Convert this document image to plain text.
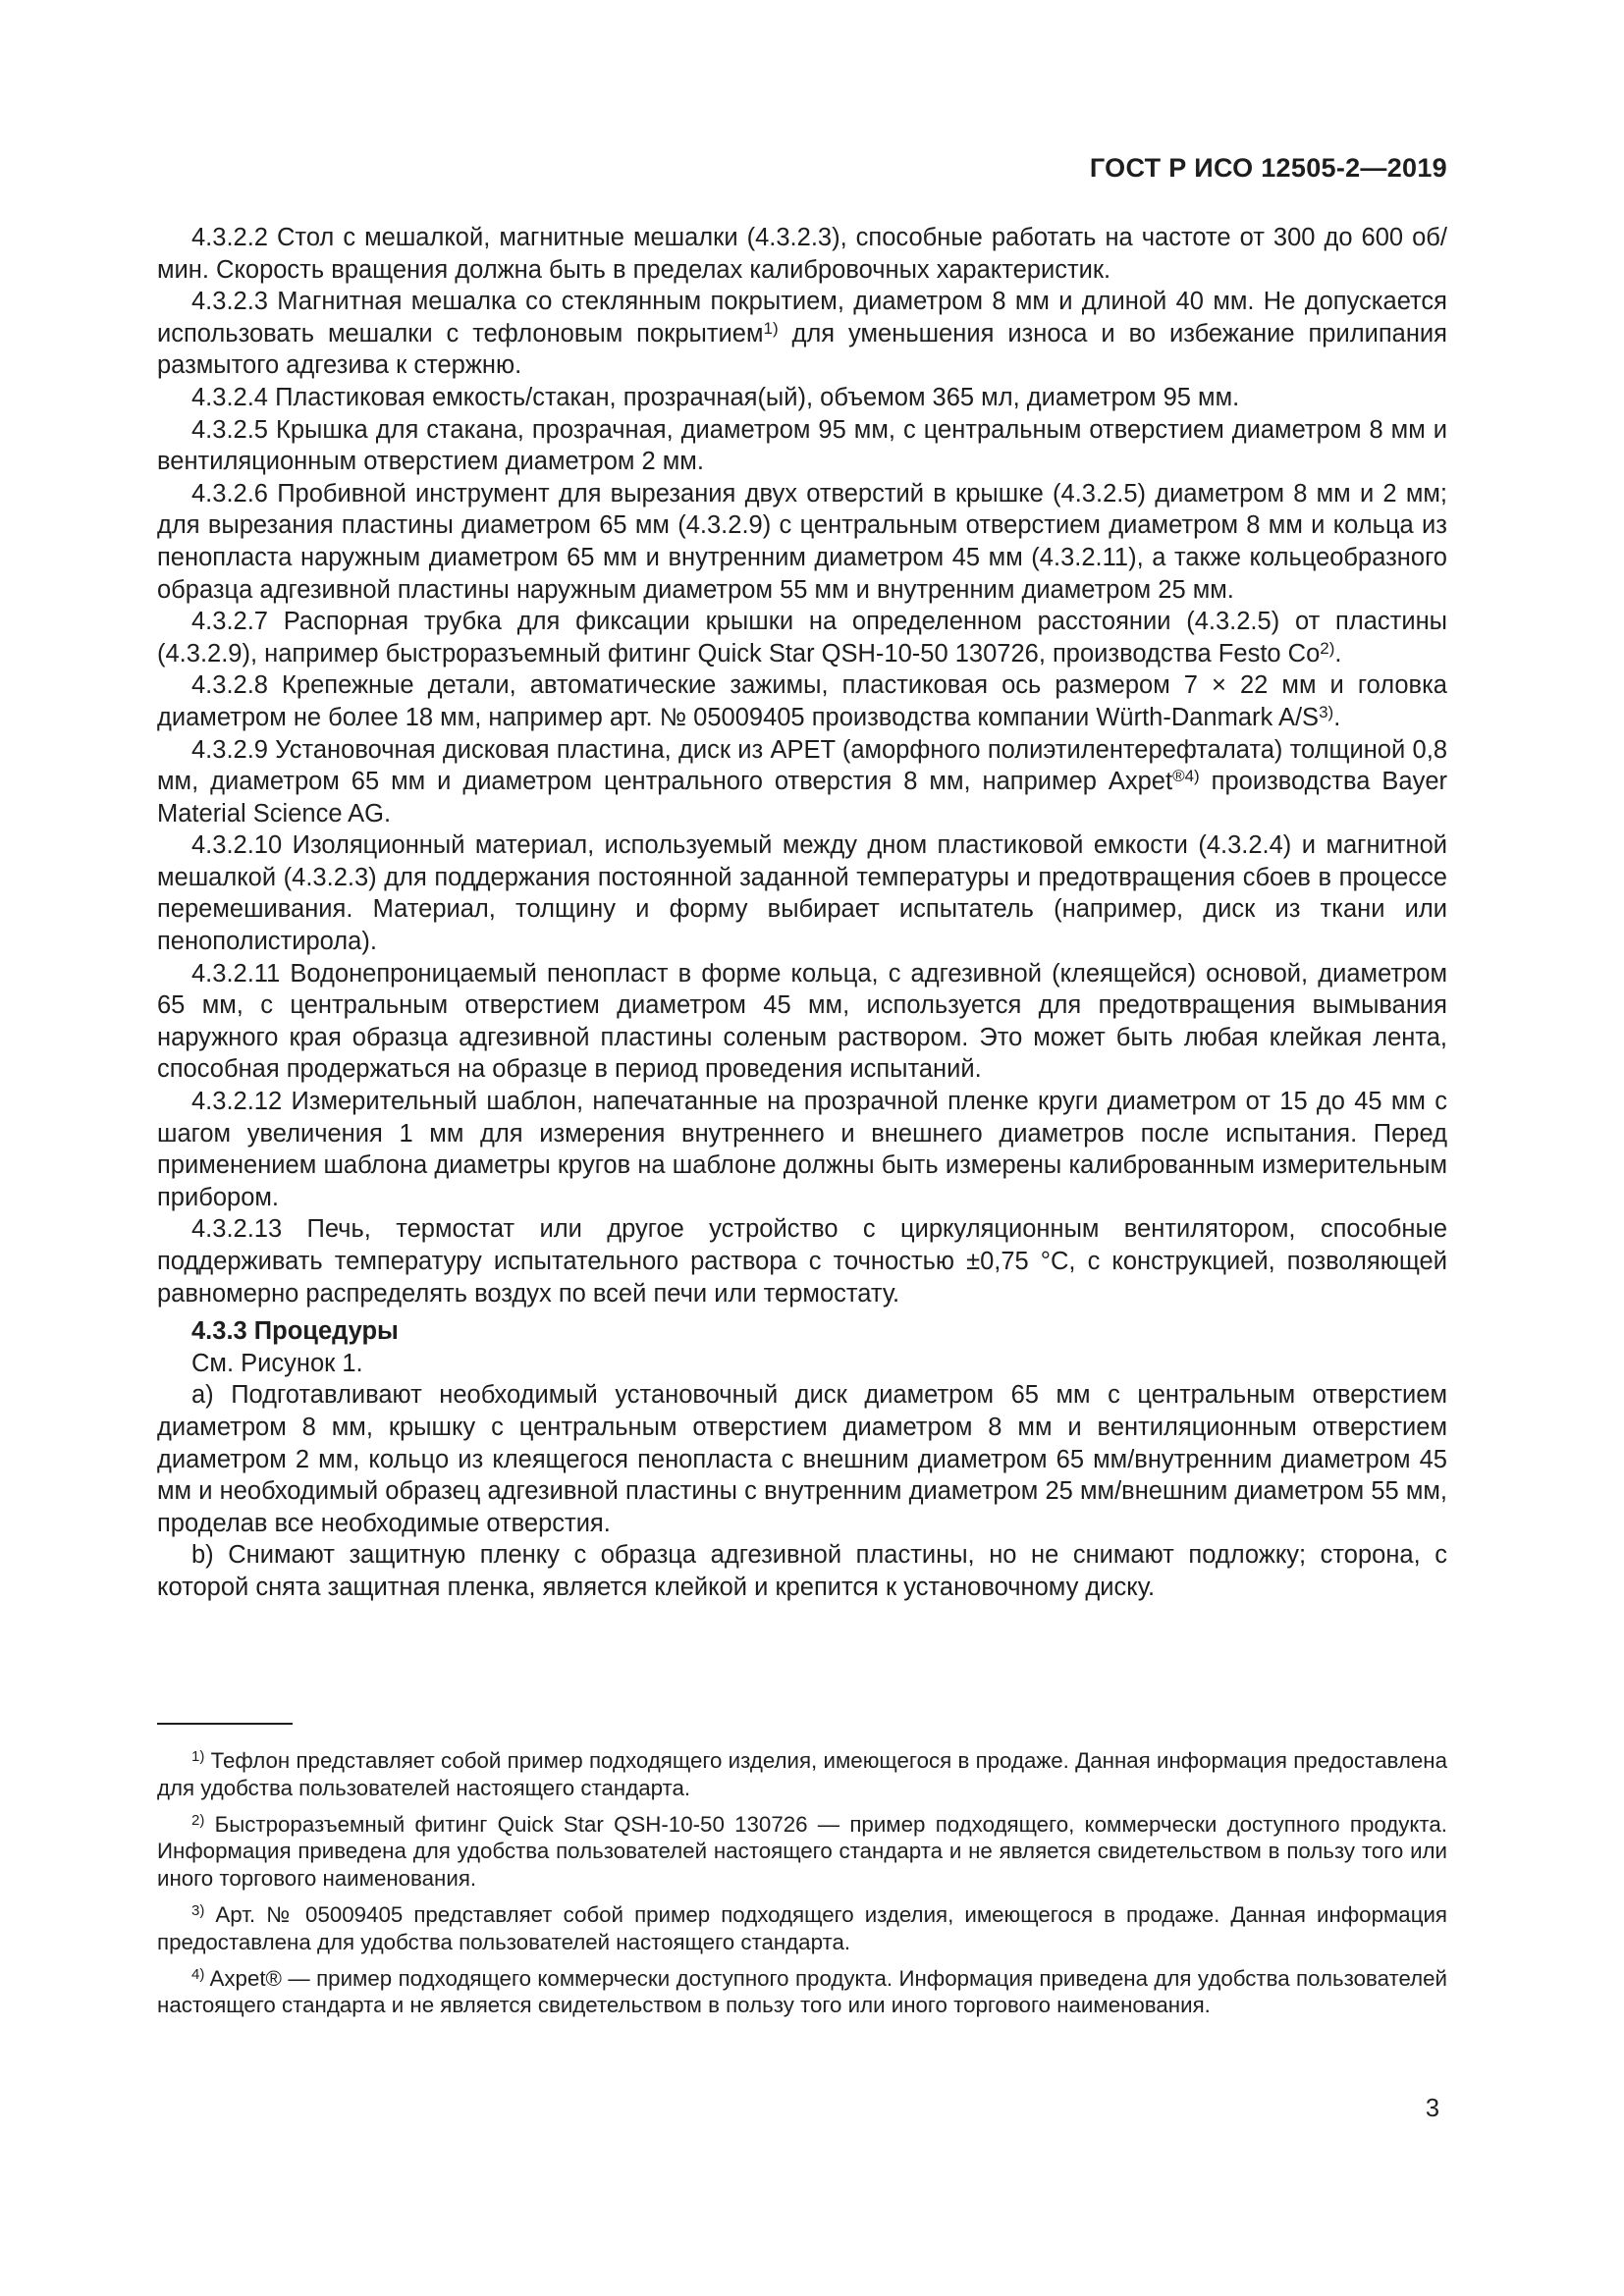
ГОСТ Р ИСО 12505-2—2019

4.3.2.2 Стол с мешалкой, магнитные мешалки (4.3.2.3), способные работать на частоте от 300 до 600 об/мин. Скорость вращения должна быть в пределах калибровочных характеристик.

4.3.2.3 Магнитная мешалка со стеклянным покрытием, диаметром 8 мм и длиной 40 мм. Не допускается использовать мешалки с тефлоновым покрытием$^{1)}$ для уменьшения износа и во избежание прилипания размытого адгезива к стержню.

4.3.2.4 Пластиковая емкость/стакан, прозрачная(ый), объемом 365 мл, диаметром 95 мм.

4.3.2.5 Крышка для стакана, прозрачная, диаметром 95 мм, с центральным отверстием диаметром 8 мм и вентиляционным отверстием диаметром 2 мм.

4.3.2.6 Пробивной инструмент для вырезания двух отверстий в крышке (4.3.2.5) диаметром 8 мм и 2 мм; для вырезания пластины диаметром 65 мм (4.3.2.9) с центральным отверстием диаметром 8 мм и кольца из пенопласта наружным диаметром 65 мм и внутренним диаметром 45 мм (4.3.2.11), а также кольцеобразного образца адгезивной пластины наружным диаметром 55 мм и внутренним диаметром 25 мм.

4.3.2.7 Распорная трубка для фиксации крышки на определенном расстоянии (4.3.2.5) от пластины (4.3.2.9), например быстроразъемный фитинг Quick Star QSH-10-50 130726, производства Festo Co$^{2)}$.

4.3.2.8 Крепежные детали, автоматические зажимы, пластиковая ось размером 7 × 22 мм и головка диаметром не более 18 мм, например арт. № 05009405 производства компании Würth-Danmark $A/S^{3)}$.

4.3.2.9 Установочная дисковая пластина, диск из APET (аморфного полиэтилентерефталата) толщиной 0,8 мм, диаметром 65 мм и диаметром центрального отверстия 8 мм, например Axpet$^{®4)}$ производства Bayer Material Science AG.

4.3.2.10 Изоляционный материал, используемый между дном пластиковой емкости (4.3.2.4) и магнитной мешалкой (4.3.2.3) для поддержания постоянной заданной температуры и предотвращения сбоев в процессе перемешивания. Материал, толщину и форму выбирает испытатель (например, диск из ткани или пенополистирола).

4.3.2.11 Водонепроницаемый пенопласт в форме кольца, с адгезивной (клеящейся) основой, диаметром 65 мм, с центральным отверстием диаметром 45 мм, используется для предотвращения вымывания наружного края образца адгезивной пластины соленым раствором. Это может быть любая клейкая лента, способная продержаться на образце в период проведения испытаний.

4.3.2.12 Измерительный шаблон, напечатанные на прозрачной пленке круги диаметром от 15 до 45 мм с шагом увеличения 1 мм для измерения внутреннего и внешнего диаметров после испытания. Перед применением шаблона диаметры кругов на шаблоне должны быть измерены калиброванным измерительным прибором.

4.3.2.13 Печь, термостат или другое устройство с циркуляционным вентилятором, способные поддерживать температуру испытательного раствора с точностью ±0,75 °С, с конструкцией, позволяющей равномерно распределять воздух по всей печи или термостату.

4.3.3 Процедуры

См. Рисунок 1.

a) Подготавливают необходимый установочный диск диаметром 65 мм с центральным отверстием диаметром 8 мм, крышку с центральным отверстием диаметром 8 мм и вентиляционным отверстием диаметром 2 мм, кольцо из клеящегося пенопласта с внешним диаметром 65 мм/внутренним диаметром 45 мм и необходимый образец адгезивной пластины с внутренним диаметром 25 мм/внешним диаметром 55 мм, проделав все необходимые отверстия.

b) Снимают защитную пленку с образца адгезивной пластины, но не снимают подложку; сторона, с которой снята защитная пленка, является клейкой и крепится к установочному диску.

$^{1)}$ Тефлон представляет собой пример подходящего изделия, имеющегося в продаже. Данная информация предоставлена для удобства пользователей настоящего стандарта.

$^{2)}$ Быстроразъемный фитинг Quick Star QSH-10-50 130726 — пример подходящего, коммерчески доступного продукта. Информация приведена для удобства пользователей настоящего стандарта и не является свидетельством в пользу того или иного торгового наименования.

$^{3)}$ Арт. № 05009405 представляет собой пример подходящего изделия, имеющегося в продаже. Данная информация предоставлена для удобства пользователей настоящего стандарта.

$^{4)}$ Axpet® — пример подходящего коммерчески доступного продукта. Информация приведена для удобства пользователей настоящего стандарта и не является свидетельством в пользу того или иного торгового наименования.

3
